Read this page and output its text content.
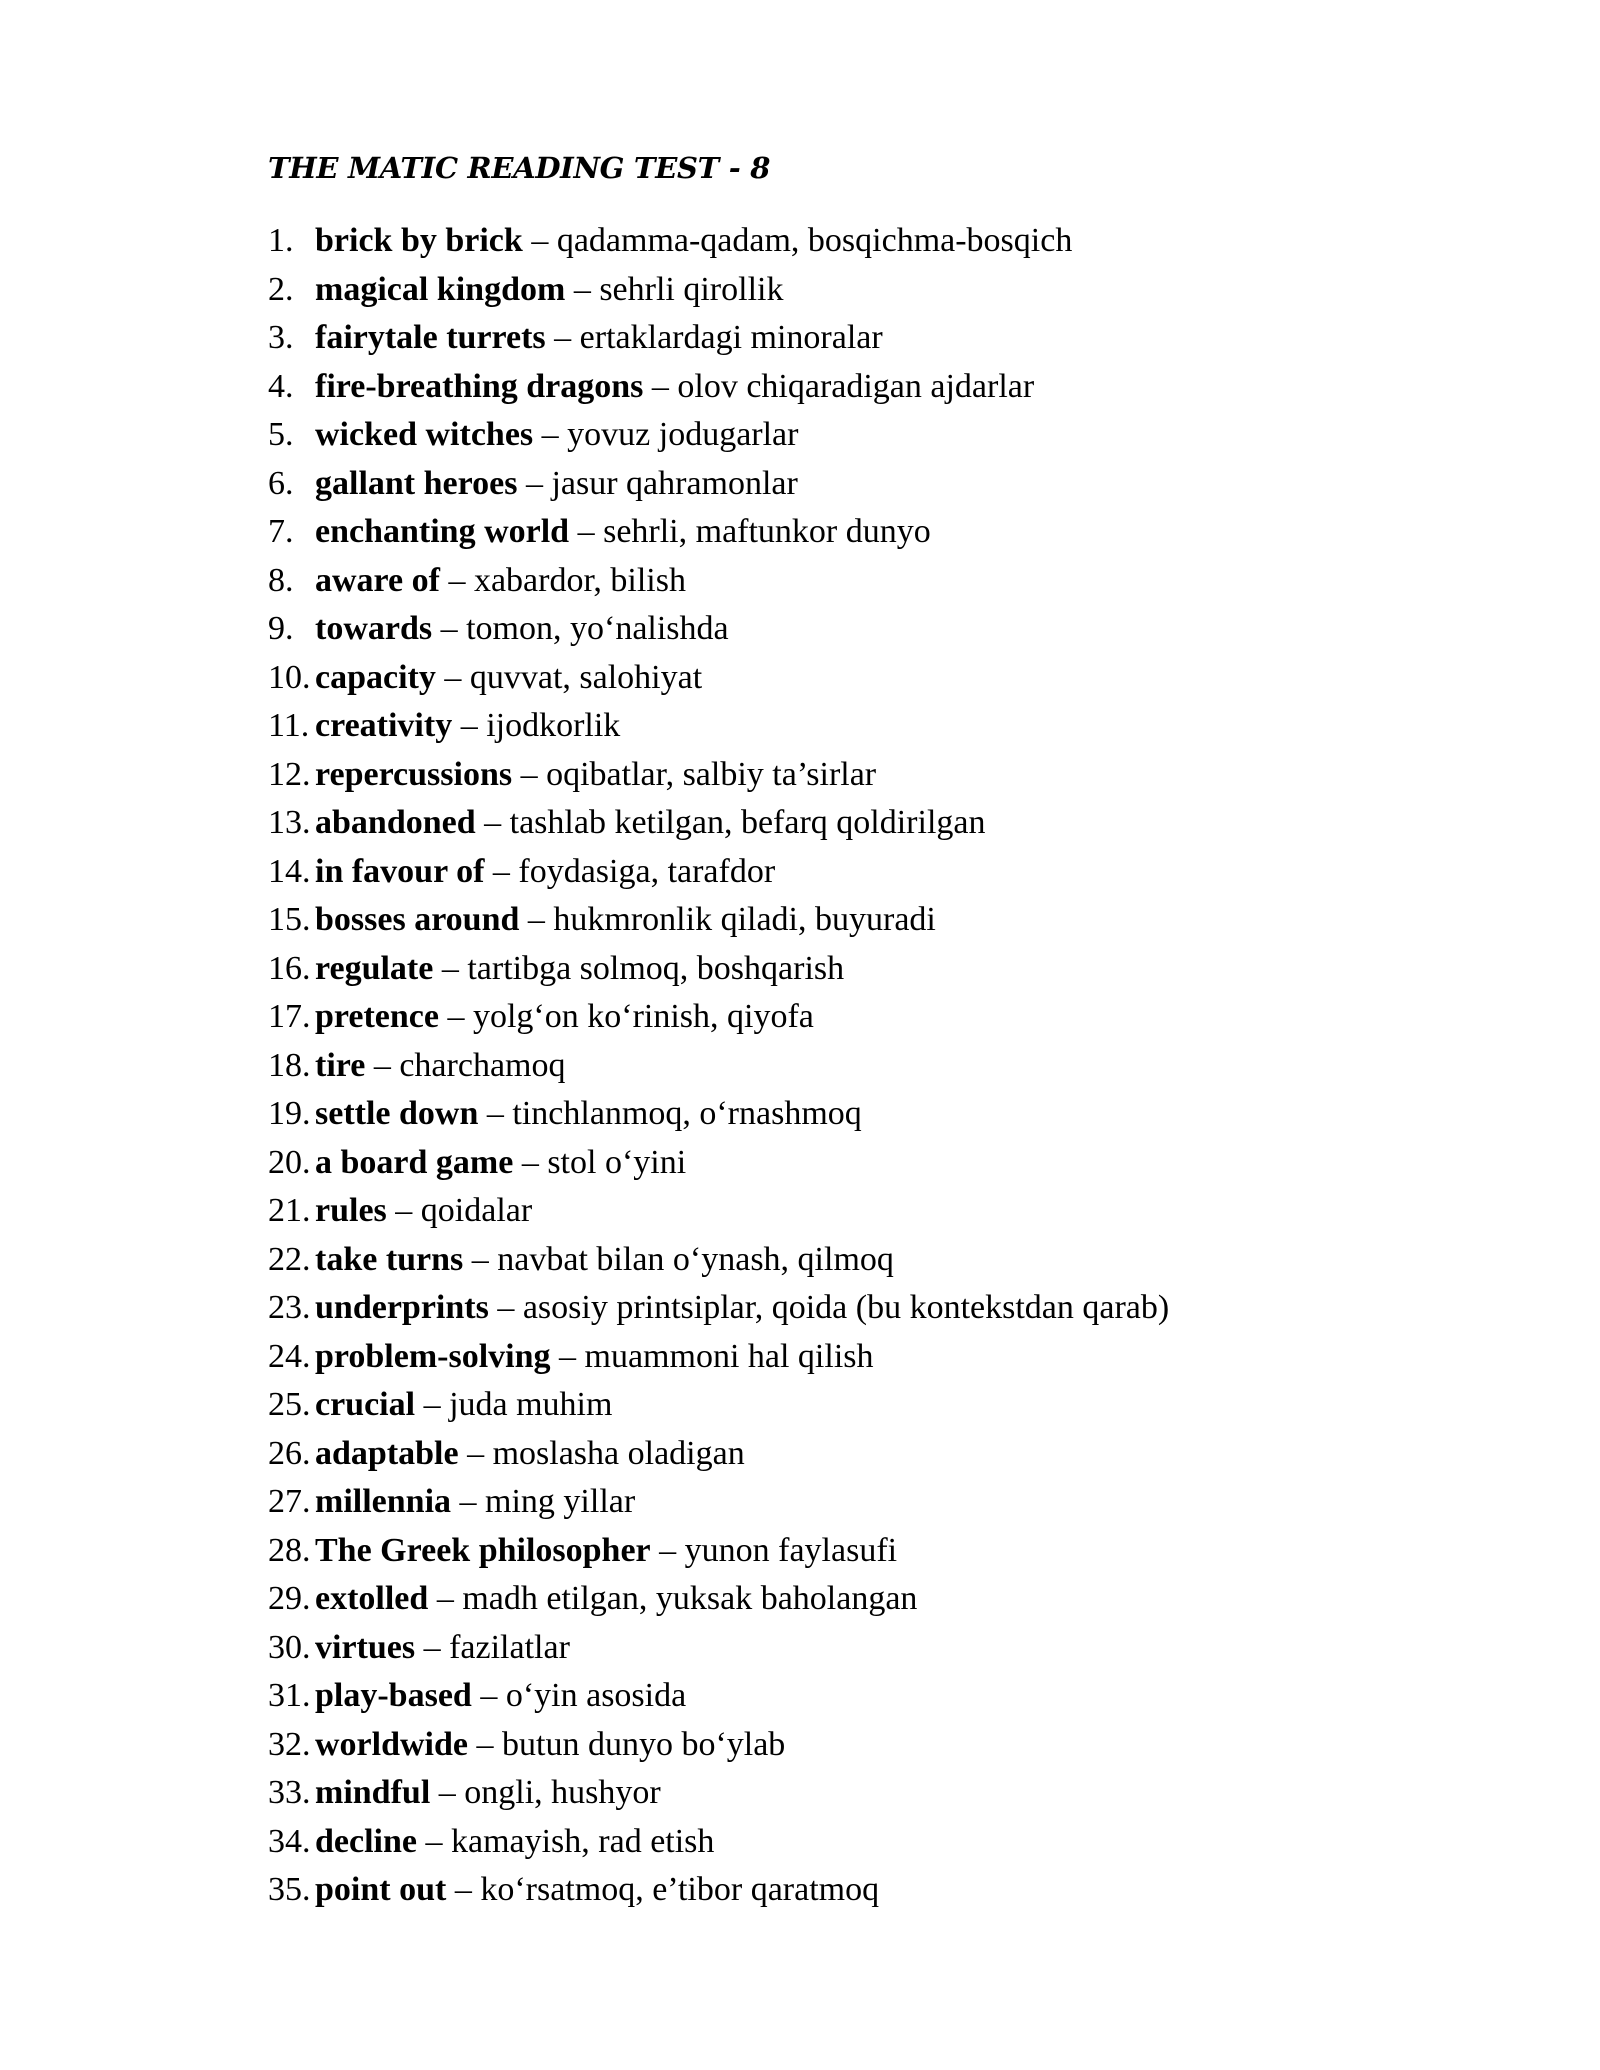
THE MATIC READING TEST - 8
1. brick by brick – qadamma-qadam, bosqichma-bosqich
2. magical kingdom – sehrli qirollik
3. fairytale turrets – ertaklardagi minoralar
4. fire-breathing dragons – olov chiqaradigan ajdarlar
5. wicked witches – yovuz jodugarlar
6. gallant heroes – jasur qahramonlar
7. enchanting world – sehrli, maftunkor dunyo
8. aware of – xabardor, bilish
9. towards – tomon, yo‘nalishda
10. capacity – quvvat, salohiyat
11. creativity – ijodkorlik
12. repercussions – oqibatlar, salbiy ta’sirlar
13. abandoned – tashlab ketilgan, befarq qoldirilgan
14. in favour of – foydasiga, tarafdor
15. bosses around – hukmronlik qiladi, buyuradi
16. regulate – tartibga solmoq, boshqarish
17. pretence – yolg‘on ko‘rinish, qiyofa
18. tire – charchamoq
19. settle down – tinchlanmoq, o‘rnashmoq
20. a board game – stol o‘yini
21. rules – qoidalar
22. take turns – navbat bilan o‘ynash, qilmoq
23. underprints – asosiy printsiplar, qoida (bu kontekstdan qarab)
24. problem-solving – muammoni hal qilish
25. crucial – juda muhim
26. adaptable – moslasha oladigan
27. millennia – ming yillar
28. The Greek philosopher – yunon faylasufi
29. extolled – madh etilgan, yuksak baholangan
30. virtues – fazilatlar
31. play-based – o‘yin asosida
32. worldwide – butun dunyo bo‘ylab
33. mindful – ongli, hushyor
34. decline – kamayish, rad etish
35. point out – ko‘rsatmoq, e’tibor qaratmoq
